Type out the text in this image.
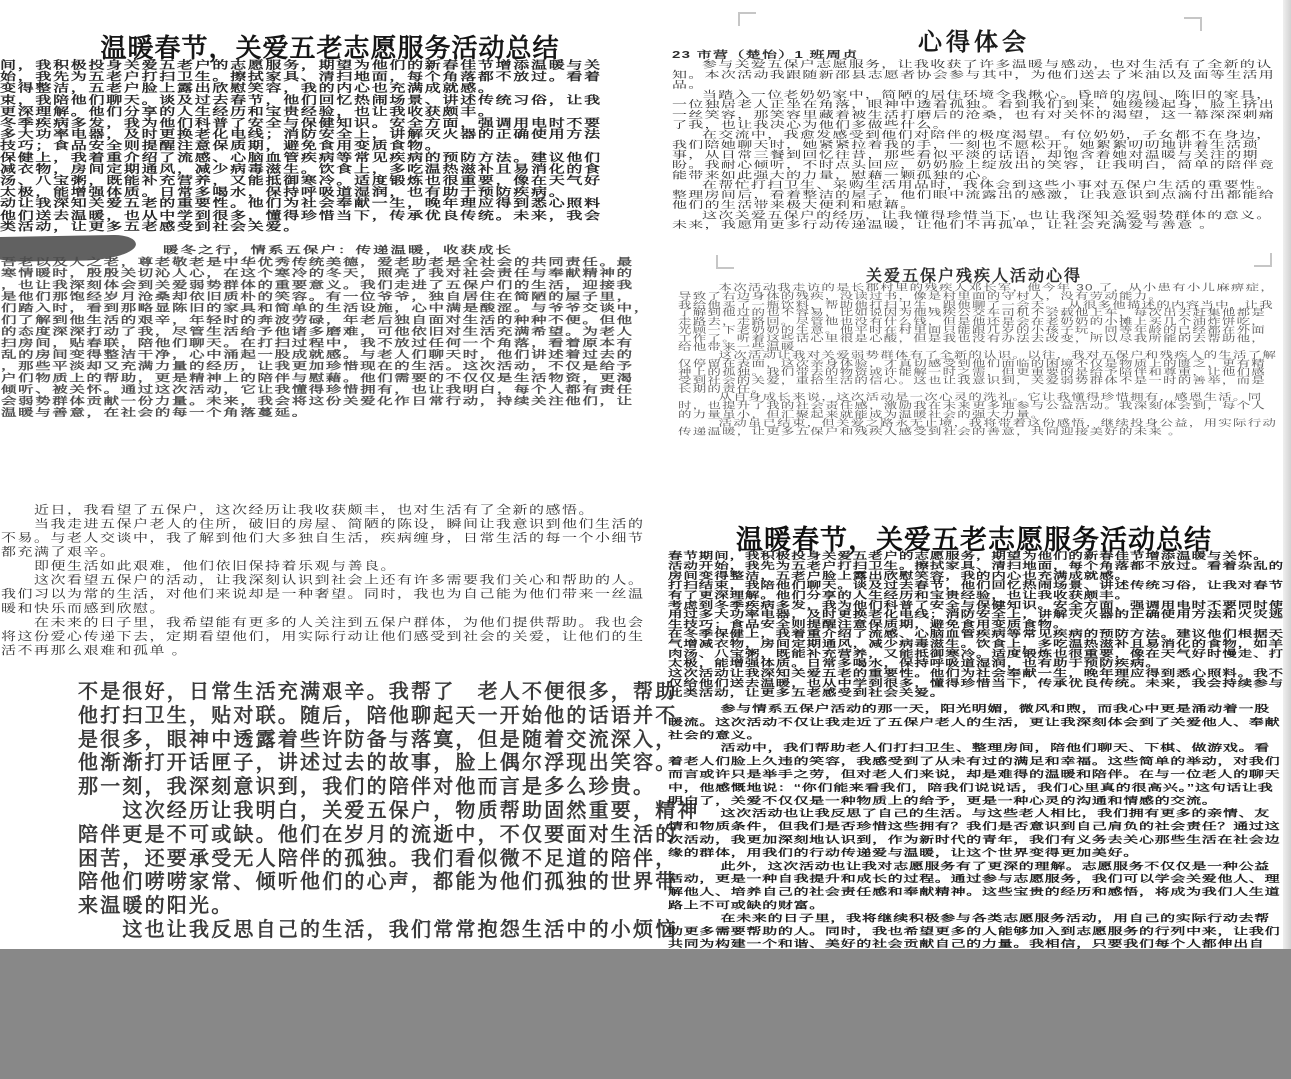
温暖春节，关爱五老志愿服务活动总结
间，我积极投身关爱五老户的志愿服务，期望为他们的新春佳节增添温暖与关
始，我先为五老户打扫卫生。擦拭家具、清扫地面，每个角落都不放过。看着
变得整洁，五老户脸上露出欣慰笑容，我的内心也充满成就感。
束，我陪他们聊天。谈及过去春节，他们回忆热闹场景、讲述传统习俗，让我
更深理解。他们分享的人生经历和宝贵经验，也让我收获颇丰。
冬季疾病多发，我为他们科普了安全与保健知识。安全方面，强调用电时不要
多大功率电器，及时更换老化电线；消防安全上，讲解灭火器的正确使用方法
技巧；食品安全则提醒注意保质期，避免食用变质食物。
保健上，我着重介绍了流感、心脑血管疾病等常见疾病的预防方法。建议他们
减衣物，房间定期通风，减少病毒滋生。饮食上，多吃温热滋补且易消化的食
汤、八宝粥，既能补充营养，又能抵御寒冷。适度锻炼也很重要，像在天气好
太极，能增强体质。日常多喝水，保持呼吸道湿润，也有助于预防疾病。
动让我深知关爱五老的重要性。他们为社会奉献一生，晚年理应得到悉心照料
他们送去温暖，也从中学到很多，懂得珍惜当下，传承优良传统。未来，我会
类活动，让更多五老感受到社会关爱。
暖冬之行，情系五保户：传递温暖，收获成长
吾老以及人之老，尊老敬老是中华优秀传统美德，爱老助老是全社会的共同责任。最
寒情暖时，殷殷关切沁人心，在这个寒冷的冬天，照亮了我对社会责任与奉献精神的
，也让我深刻体会到关爱弱势群体的重要意义。我们走进了五保户们的生活，迎接我
是他们那饱经岁月沧桑却依旧质朴的笑容。有一位爷爷，独自居住在简陋的屋子里，
们踏入时，看到那略显陈旧的家具和简单的生活设施，心中满是酸涩。与爷爷交谈中，
们了解到他生活的艰辛，年轻时的奔波劳碌，年老后独自面对生活的种种不便。但他
的态度深深打动了我，尽管生活给予他诸多磨难，可他依旧对生活充满希望。为老人
扫房间，贴春联，陪他们聊天。在打扫过程中，我不放过任何一个角落，看着原本有
乱的房间变得整洁干净，心中涌起一股成就感。与老人们聊天时，他们讲述着过去的
，那些平淡却又充满力量的经历，让我更加珍惜现在的生活。这次活动，不仅是给予
户们物质上的帮助，更是精神上的陪伴与慰藉。他们需要的不仅仅是生活物资，更渴
倾听、被关怀。通过这次活动，它让我懂得珍惜拥有，也让我明白，每个人都有责任
会弱势群体贡献一份力量。未来，我会将这份关爱化作日常行动，持续关注他们，让
温暖与善意，在社会的每一个角落蔓延。
　　近日，我看望了五保户，这次经历让我收获颇丰，也对生活有了全新的感悟。
　　当我走进五保户老人的住所，破旧的房屋、简陋的陈设，瞬间让我意识到他们生活的
不易。与老人交谈中，我了解到他们大多独自生活，疾病缠身，日常生活的每一个小细节
都充满了艰辛。
　　即便生活如此艰难，他们依旧保持着乐观与善良。
　　这次看望五保户的活动，让我深刻认识到社会上还有许多需要我们关心和帮助的人。
我们习以为常的生活，对他们来说却是一种奢望。同时，我也为自己能为他们带来一丝温
暖和快乐而感到欣慰。
　　在未来的日子里，我希望能有更多的人关注到五保户群体，为他们提供帮助。我也会
将这份爱心传递下去，定期看望他们，用实际行动让他们感受到社会的关爱，让他们的生
活不再那么艰难和孤单 。
不是很好，日常生活充满艰辛。我帮了　老人不便很多，帮助
他打扫卫生，贴对联。随后，陪他聊起天一开始他的话语并不
是很多，眼神中透露着些许防备与落寞，但是随着交流深入，
他渐渐打开话匣子，讲述过去的故事，脸上偶尔浮现出笑容。
那一刻，我深刻意识到，我们的陪伴对他而言是多么珍贵。
　　这次经历让我明白，关爱五保户，物质帮助固然重要，精神
陪伴更是不可或缺。他们在岁月的流逝中，不仅要面对生活的
困苦，还要承受无人陪伴的孤独。我们看似微不足道的陪伴，
陪他们唠唠家常、倾听他们的心声，都能为他们孤独的世界带
来温暖的阳光。
　　这也让我反思自己的生活，我们常常抱怨生活中的小烦恼
心得体会
23 市营（楚怡）1 班周贞

参与关爱五保户志愿服务，让我收获了许多温暖与感动，也对生活有了全新的认知。本次活动我跟随新邵县志愿者协会参与其中，为他们送去了米油以及面等生活用品。

当踏入一位老奶奶家中，简陋的居住环境令我揪心。昏暗的房间、陈旧的家具，一位独居老人正坐在角落，眼神中透着孤独。看到我们到来，她缓缓起身，脸上挤出一丝笑容，那笑容里藏着被生活打磨后的沧桑，也有对关怀的渴望，这一幕深深刺痛了我，也让我决心为他们多做些什么。

在交流中，我愈发感受到他们对陪伴的极度渴望。有位奶奶，子女都不在身边，我们陪她聊天时，她紧紧拉着我的手，一刻也不愿松开。她絮絮叨叨地讲着生活琐事，从日常三餐到回忆往昔，那些看似平淡的话语，却饱含着她对温暖与关注的期盼。我耐心倾听，不时点头回应，奶奶脸上绽放出的笑容，让我明白，简单的陪伴竟能带来如此强大的力量，慰藉一颗孤独的心。

在帮忙打扫卫生、采购生活用品时，我体会到这些小事对五保户生活的重要性。整理房间后，看着整洁的屋子，他们眼中流露出的感激，让我意识到点滴付出都能给他们的生活带来极大便利和慰藉。

这次关爱五保户的经历，让我懂得珍惜当下，也让我深知关爱弱势群体的意义。未来，我愿用更多行动传递温暖，让他们不再孤单，让社会充满爱与善意 。

关爱五保户残疾人活动心得

本次活动我走访的是长郡村里的残疾人邓长军，他今年 30 了，从小患有小儿麻痹症，导致了右边身体的残疾，没读过书，像是村里面的守村人，没有劳动能力。

我给他买了一瓶饮料，帮助他打扫卫生，跟他聊了一会天。，从很多他描述的内容当中，让我了解到他过的也不容易，比如说因为他残疾公交车司机不会载他上车，每次出去赶集他都是走路去，走路回。尽管他也没有什么钱，但是他还是会在老奶奶的小摊上买几个油炸饼吃，光顾一下老奶奶的生意。他平时在村里面只能跟几岁的小孩子玩，同等年龄的已经都在外面工作了。听着这些话心里很是心酸，但是我也没有办法去改变，所以尽我所能的去帮助他，给他带来一些温暖

这次活动让我对关爱弱势群体有了全新的认识。以往，我对五保户和残疾人的生活了解仅停留在表面，这次亲身体验，才真切感受到他们面临的困境不仅是物质上的匮乏，更有精神上的孤独。我们带去的物资或许能解一时之需，但更重要的是给予陪伴和尊重，让他们感受到社会的关爱，重拾生活的信心。这也让我意识到，关爱弱势群体不是一时的善举，而是长期的责任。

从自身成长来说，这次活动是一次心灵的洗礼。它让我懂得珍惜拥有，感恩生活。同时，也提升了我的社会责任感，激励我在未来更多地参与公益活动。我深刻体会到，每个人的力量虽小，但汇聚起来就能成为温暖社会的强大力量。

活动虽已结束，但关爱之路永无止境，我将带着这份感悟，继续投身公益，用实际行动传递温暖，让更多五保户和残疾人感受到社会的善意，共同迎接美好的未来 。

温暖春节，关爱五老志愿服务活动总结

春节期间，我积极投身关爱五老户的志愿服务，期望为他们的新春佳节增添温暖与关怀。

活动开始，我先为五老户打扫卫生。擦拭家具、清扫地面，每个角落都不放过。看着杂乱的房间变得整洁，五老户脸上露出欣慰笑容，我的内心也充满成就感。

打扫结束，我陪他们聊天。谈及过去春节，他们回忆热闹场景、讲述传统习俗，让我对春节有了更深理解。他们分享的人生经历和宝贵经验，也让我收获颇丰。

考虑到冬季疾病多发，我为他们科普了安全与保健知识。安全方面，强调用电时不要同时使用过多大功率电器，及时更换老化电线；消防安全上，讲解灭火器的正确使用方法和火灾逃生技巧；食品安全则提醒注意保质期，避免食用变质食物。

在冬季保健上，我着重介绍了流感、心脑血管疾病等常见疾病的预防方法。建议他们根据天气增减衣物，房间定期通风，减少病毒滋生。饮食上，多吃温热滋补且易消化的食物，如羊肉汤、八宝粥，既能补充营养，又能抵御寒冷。适度锻炼也很重要，像在天气好时慢走、打太极，能增强体质。日常多喝水，保持呼吸道湿润，也有助于预防疾病。

这次活动让我深知关爱五老的重要性。他们为社会奉献一生，晚年理应得到悉心照料。我不仅给他们送去温暖，也从中学到很多，懂得珍惜当下，传承优良传统。未来，我会持续参与此类活动，让更多五老感受到社会关爱。

参与情系五保户活动的那一天，阳光明媚，微风和煦，而我心中更是涌动着一股暖流。这次活动不仅让我走近了五保户老人的生活，更让我深刻体会到了关爱他人、奉献社会的意义。

活动中，我们帮助老人们打扫卫生、整理房间，陪他们聊天、下棋、做游戏。看着老人们脸上久违的笑容，我感受到了从未有过的满足和幸福。这些简单的举动，对我们而言或许只是举手之劳，但对老人们来说，却是难得的温暖和陪伴。在与一位老人的聊天中，他感慨地说：“你们能来看我们，陪我们说说话，我们心里真的很高兴。”这句话让我明白了，关爱不仅仅是一种物质上的给予，更是一种心灵的沟通和情感的交流。

这次活动也让我反思了自己的生活。与这些老人相比，我们拥有更多的亲情、友情和物质条件，但我们是否珍惜这些拥有？我们是否意识到自己肩负的社会责任？通过这次活动，我更加深刻地认识到，作为新时代的青年，我们有义务去关心那些生活在社会边缘的群体，用我们的行动传递爱与温暖，让这个世界变得更加美好。

此外，这次活动也让我对志愿服务有了更深的理解。志愿服务不仅仅是一种公益活动，更是一种自我提升和成长的过程。通过参与志愿服务，我们可以学会关爱他人、理解他人、培养自己的社会责任感和奉献精神。这些宝贵的经历和感悟，将成为我们人生道路上不可或缺的财富。

在未来的日子里，我将继续积极参与各类志愿服务活动，用自己的实际行动去帮助更多需要帮助的人。同时，我也希望更多的人能够加入到志愿服务的行列中来，让我们共同为构建一个和谐、美好的社会贡献自己的力量。我相信，只要我们每个人都伸出自
